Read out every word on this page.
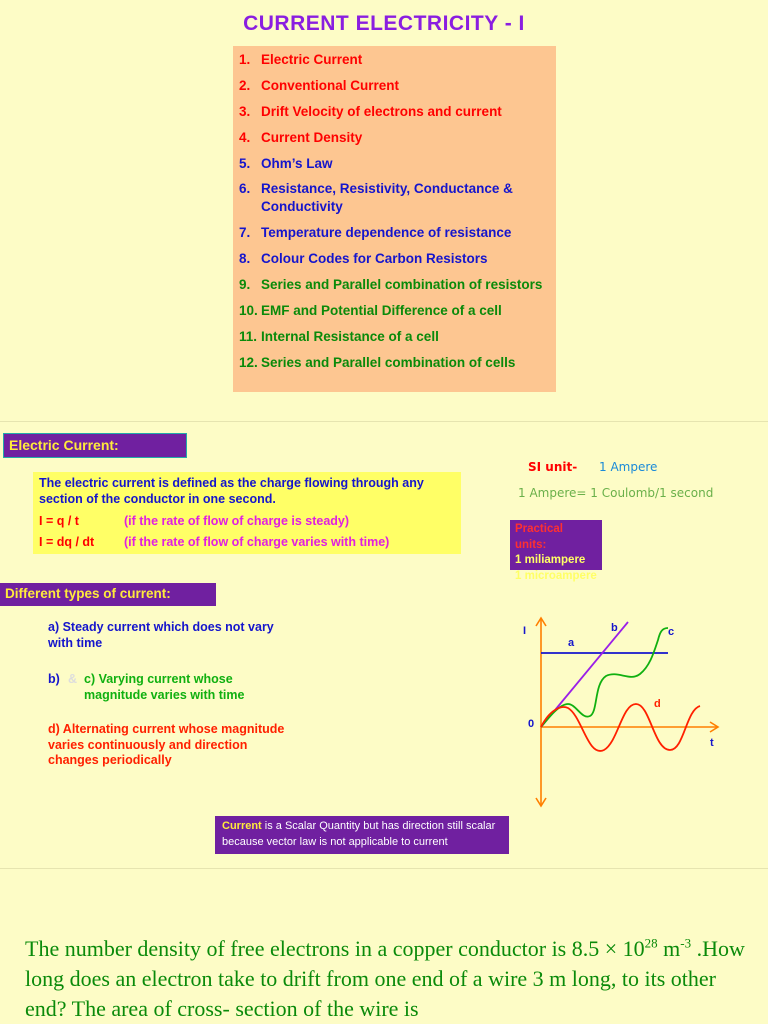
CURRENT ELECTRICITY - I
1. Electric Current
2. Conventional Current
3. Drift Velocity of electrons and current
4. Current Density
5. Ohm’s Law
6. Resistance, Resistivity, Conductance & Conductivity
7. Temperature dependence of resistance
8. Colour Codes for Carbon Resistors
9. Series and Parallel combination of resistors
10. EMF and Potential Difference of a cell
11. Internal Resistance of a cell
12. Series and Parallel combination of cells
Electric Current:
The electric current is defined as the charge flowing through any section of the conductor in one second.
I = q / t	(if the rate of flow of charge is steady)
I = dq / dt	(if the rate of flow of charge varies with time)
SI unit- 1 Ampere
1 Ampere= 1 Coulomb/1 second
Practical units:
1 miliampere
1 microampere
Different types of current:
a) Steady current which does not vary with time
b) & c) Varying current whose magnitude varies with time
d) Alternating current whose magnitude varies continuously and direction changes periodically
I
t
0
a
b	c
d
Current is a Scalar Quantity but has direction still scalar because vector law is not applicable to current
The number density of free electrons in a copper conductor is $8.5 \times 10^{28}$ $m^{-3}$ .How long does an electron take to drift from one end of a wire 3 m long, to its other end? The area of cross- section of the wire is
